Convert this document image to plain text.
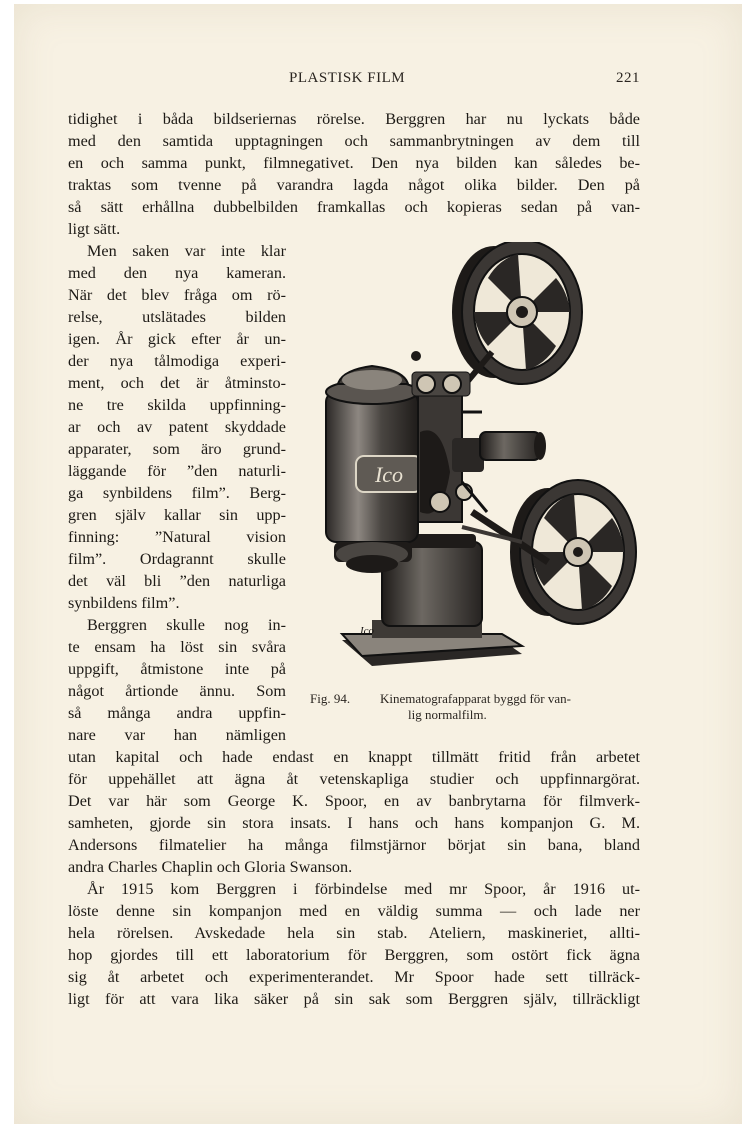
PLASTISK FILM	221
tidighet i båda bildseriernas rörelse. Berggren har nu lyckats både
med den samtida upptagningen och sammanbrytningen av dem till
en och samma punkt, filmnegativet. Den nya bilden kan således be-
traktas som tvenne på varandra lagda något olika bilder. Den på
så sätt erhållna dubbelbilden framkallas och kopieras sedan på van-
ligt sätt.
Men saken var inte klar
med den nya kameran.
När det blev fråga om rö-
relse, utslätades bilden
igen. År gick efter år un-
der nya tålmodiga experi-
ment, och det är åtminsto-
ne tre skilda uppfinning-
ar och av patent skyddade
apparater, som äro grund-
läggande för ”den naturli-
ga synbildens film”. Berg-
gren själv kallar sin upp-
finning: ”Natural vision
film”. Ordagrannt skulle
det väl bli ”den naturliga
synbildens film”.
Berggren skulle nog in-
te ensam ha löst sin svåra
uppgift, åtmistone inte på
något årtionde ännu. Som
så många andra uppfin-
nare var han nämligen
utan kapital och hade endast en knappt tillmätt fritid från arbetet
för uppehället att ägna åt vetenskapliga studier och uppfinnargörat.
Det var här som George K. Spoor, en av banbrytarna för filmverk-
samheten, gjorde sin stora insats. I hans och hans kompanjon G. M.
Andersons filmatelier ha många filmstjärnor börjat sin bana, bland
andra Charles Chaplin och Gloria Swanson.
År 1915 kom Berggren i förbindelse med mr Spoor, år 1916 ut-
löste denne sin kompanjon med en väldig summa — och lade ner
hela rörelsen. Avskedade hela sin stab. Ateliern, maskineriet, allti-
hop gjordes till ett laboratorium för Berggren, som ostört fick ägna
sig åt arbetet och experimenterandet. Mr Spoor hade sett tillräck-
ligt för att vara lika säker på sin sak som Berggren själv, tillräckligt
Ico
Ico
Fig. 94. Kinematografapparat byggd för van-
lig normalfilm.
